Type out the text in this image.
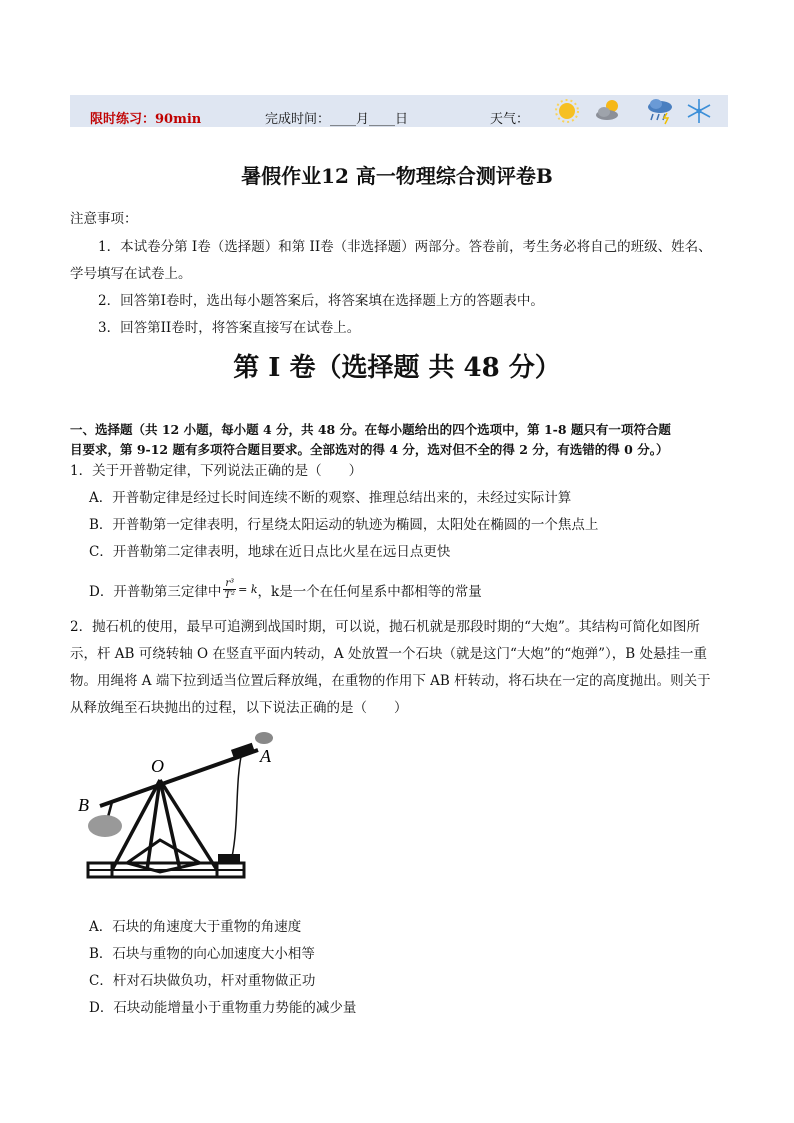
限时练习：90min	完成时间：____月____日	天气：
暑假作业12 高一物理综合测评卷B
注意事项：
1．本试卷分第 I卷（选择题）和第 II卷（非选择题）两部分。答卷前，考生务必将自己的班级、姓名、
学号填写在试卷上。
2．回答第I卷时，选出每小题答案后，将答案填在选择题上方的答题表中。
3．回答第II卷时，将答案直接写在试卷上。
第 I 卷（选择题 共 48 分）
一、选择题（共 12 小题，每小题 4 分，共 48 分。在每小题给出的四个选项中，第 1-8 题只有一项符合题
目要求，第 9-12 题有多项符合题目要求。全部选对的得 4 分，选对但不全的得 2 分，有选错的得 0 分。）
1．关于开普勒定律，下列说法正确的是（　　）
A．开普勒定律是经过长时间连续不断的观察、推理总结出来的，未经过实际计算
B．开普勒第一定律表明，行星绕太阳运动的轨迹为椭圆，太阳处在椭圆的一个焦点上
C．开普勒第二定律表明，地球在近日点比火星在远日点更快
D．开普勒第三定律中 $\frac{\text{r³}}{\text{T²}} = k$ ，k是一个在任何星系中都相等的常量
2．抛石机的使用，最早可追溯到战国时期，可以说，抛石机就是那段时期的“大炮”。其结构可简化如图所
示，杆 AB 可绕转轴 O 在竖直平面内转动，A 处放置一个石块（就是这门“大炮”的“炮弹”），B 处悬挂一重
物。用绳将 A 端下拉到适当位置后释放绳，在重物的作用下 AB 杆转动，将石块在一定的高度抛出。则关于
从释放绳至石块抛出的过程，以下说法正确的是（　　）
O	A
B
A．石块的角速度大于重物的角速度
B．石块与重物的向心加速度大小相等
C．杆对石块做负功，杆对重物做正功
D．石块动能增量小于重物重力势能的减少量
